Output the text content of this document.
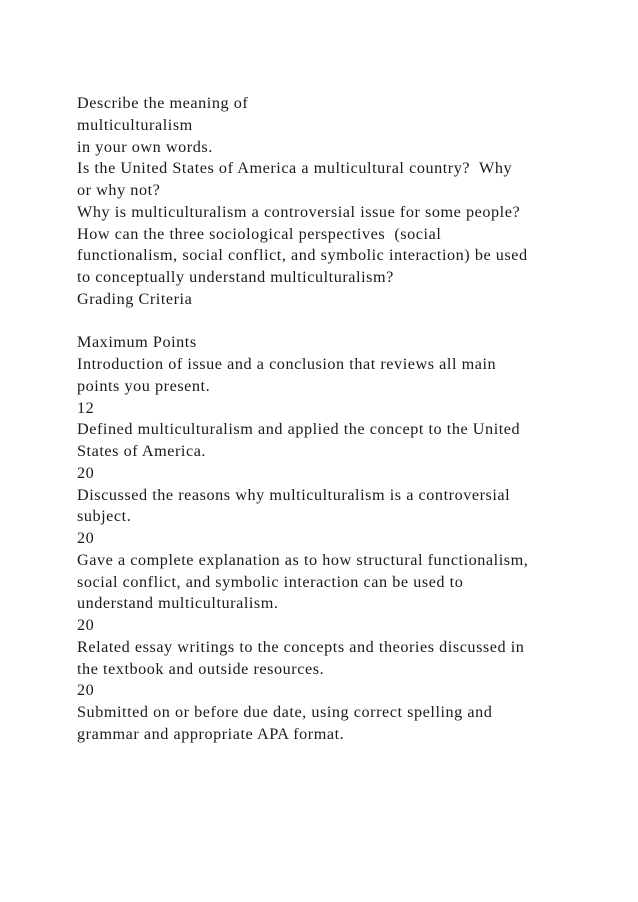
Describe the meaning of
multiculturalism
in your own words.
Is the United States of America a multicultural country?  Why
or why not?
Why is multiculturalism a controversial issue for some people?
How can the three sociological perspectives  (social
functionalism, social conflict, and symbolic interaction) be used
to conceptually understand multiculturalism?
Grading Criteria
Maximum Points
Introduction of issue and a conclusion that reviews all main
points you present.
12
Defined multiculturalism and applied the concept to the United
States of America.
20
Discussed the reasons why multiculturalism is a controversial
subject.
20
Gave a complete explanation as to how structural functionalism,
social conflict, and symbolic interaction can be used to
understand multiculturalism.
20
Related essay writings to the concepts and theories discussed in
the textbook and outside resources.
20
Submitted on or before due date, using correct spelling and
grammar and appropriate APA format.
